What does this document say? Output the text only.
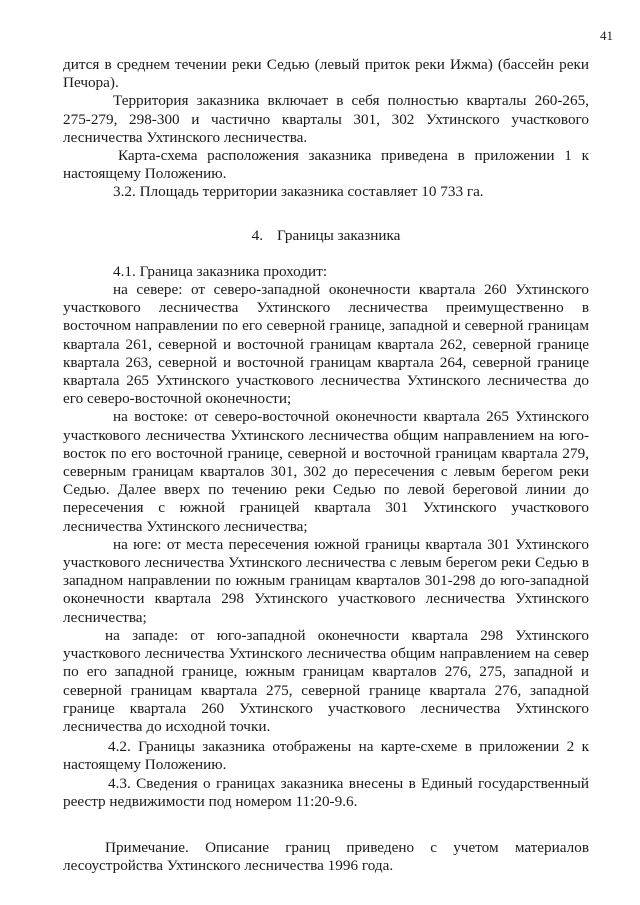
41

дится в среднем течении реки Седью (левый приток реки Ижма) (бассейн реки Печора).

Территория заказника включает в себя полностью кварталы 260-265, 275-279, 298-300 и частично кварталы 301, 302 Ухтинского участкового лесничества Ухтинского лесничества.

Карта-схема расположения заказника приведена в приложении 1 к настоящему Положению.

3.2. Площадь территории заказника составляет 10 733 га.

4. Границы заказника

4.1. Граница заказника проходит:

на севере: от северо-западной оконечности квартала 260 Ухтинского участкового лесничества Ухтинского лесничества преимущественно в восточном направлении по его северной границе, западной и северной границам квартала 261, северной и восточной границам квартала 262, северной границе квартала 263, северной и восточной границам квартала 264, северной границе квартала 265 Ухтинского участкового лесничества Ухтинского лесничества до его северо-восточной оконечности;

на востоке: от северо-восточной оконечности квартала 265 Ухтинского участкового лесничества Ухтинского лесничества общим направлением на юго-восток по его восточной границе, северной и восточной границам квартала 279, северным границам кварталов 301, 302 до пересечения с левым берегом реки Седью. Далее вверх по течению реки Седью по левой береговой линии до пересечения с южной границей квартала 301 Ухтинского участкового лесничества Ухтинского лесничества;

на юге: от места пересечения южной границы квартала 301 Ухтинского участкового лесничества Ухтинского лесничества с левым берегом реки Седью в западном направлении по южным границам кварталов 301-298 до юго-западной оконечности квартала 298 Ухтинского участкового лесничества Ухтинского лесничества;

на западе: от юго-западной оконечности квартала 298 Ухтинского участкового лесничества Ухтинского лесничества общим направлением на север по его западной границе, южным границам кварталов 276, 275, западной и северной границам квартала 275, северной границе квартала 276, западной границе квартала 260 Ухтинского участкового лесничества Ухтинского лесничества до исходной точки.

4.2. Границы заказника отображены на карте-схеме в приложении 2 к настоящему Положению.

4.3. Сведения о границах заказника внесены в Единый государственный реестр недвижимости под номером 11:20-9.6.

Примечание. Описание границ приведено с учетом материалов лесоустройства Ухтинского лесничества 1996 года.
